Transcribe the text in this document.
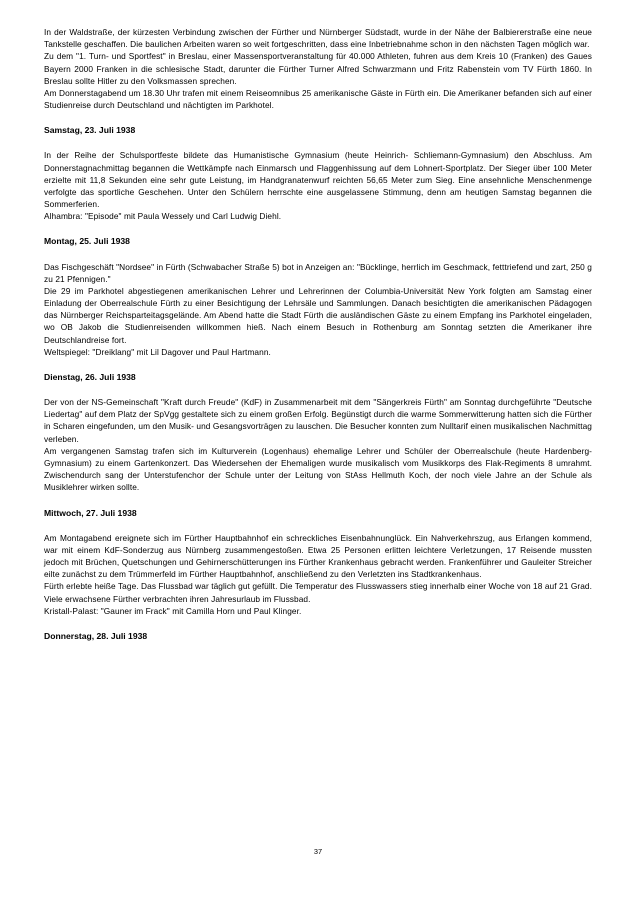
In der Waldstraße, der kürzesten Verbindung zwischen der Fürther und Nürnberger Südstadt, wurde in der Nähe der Balbiererstraße eine neue Tankstelle geschaffen. Die baulichen Arbeiten waren so weit fortgeschritten, dass eine Inbetriebnahme schon in den nächsten Tagen möglich war.

Zu dem "1. Turn- und Sportfest" in Breslau, einer Massensportveranstaltung für 40.000 Athleten, fuhren aus dem Kreis 10 (Franken) des Gaues Bayern 2000 Franken in die schlesische Stadt, darunter die Fürther Turner Alfred Schwarzmann und Fritz Rabenstein vom TV Fürth 1860. In Breslau sollte Hitler zu den Volksmassen sprechen.

Am Donnerstagabend um 18.30 Uhr trafen mit einem Reiseomnibus 25 amerikanische Gäste in Fürth ein. Die Amerikaner befanden sich auf einer Studienreise durch Deutschland und nächtigten im Parkhotel.

Samstag, 23. Juli 1938

In der Reihe der Schulsportfeste bildete das Humanistische Gymnasium (heute Heinrich- Schliemann-Gymnasium) den Abschluss. Am Donnerstagnachmittag begannen die Wettkämpfe nach Einmarsch und Flaggenhissung auf dem Lohnert-Sportplatz. Der Sieger über 100 Meter erzielte mit 11,8 Sekunden eine sehr gute Leistung, im Handgranatenwurf reichten 56,65 Meter zum Sieg. Eine ansehnliche Menschenmenge verfolgte das sportliche Geschehen. Unter den Schülern herrschte eine ausgelassene Stimmung, denn am heutigen Samstag begannen die Sommerferien.

Alhambra: "Episode" mit Paula Wessely und Carl Ludwig Diehl.

Montag, 25. Juli 1938

Das Fischgeschäft "Nordsee" in Fürth (Schwabacher Straße 5) bot in Anzeigen an: "Bücklinge, herrlich im Geschmack, fetttriefend und zart, 250 g zu 21 Pfennigen."

Die 29 im Parkhotel abgestiegenen amerikanischen Lehrer und Lehrerinnen der Columbia-Universität New York folgten am Samstag einer Einladung der Oberrealschule Fürth zu einer Besichtigung der Lehrsäle und Sammlungen. Danach besichtigten die amerikanischen Pädagogen das Nürnberger Reichsparteitagsgelände. Am Abend hatte die Stadt Fürth die ausländischen Gäste zu einem Empfang ins Parkhotel eingeladen, wo OB Jakob die Studienreisenden willkommen hieß. Nach einem Besuch in Rothenburg am Sonntag setzten die Amerikaner ihre Deutschlandreise fort.

Weltspiegel: "Dreiklang" mit Lil Dagover und Paul Hartmann.

Dienstag, 26. Juli 1938

Der von der NS-Gemeinschaft "Kraft durch Freude" (KdF) in Zusammenarbeit mit dem "Sängerkreis Fürth" am Sonntag durchgeführte "Deutsche Liedertag" auf dem Platz der SpVgg gestaltete sich zu einem großen Erfolg. Begünstigt durch die warme Sommerwitterung hatten sich die Fürther in Scharen eingefunden, um den Musik- und Gesangsvorträgen zu lauschen. Die Besucher konnten zum Nulltarif einen musikalischen Nachmittag verleben.

Am vergangenen Samstag trafen sich im Kulturverein (Logenhaus) ehemalige Lehrer und Schüler der Oberrealschule (heute Hardenberg-Gymnasium) zu einem Gartenkonzert. Das Wiedersehen der Ehemaligen wurde musikalisch vom Musikkorps des Flak-Regiments 8 umrahmt. Zwischendurch sang der Unterstufenchor der Schule unter der Leitung von StAss Hellmuth Koch, der noch viele Jahre an der Schule als Musiklehrer wirken sollte.

Mittwoch, 27. Juli 1938

Am Montagabend ereignete sich im Fürther Hauptbahnhof ein schreckliches Eisenbahnunglück. Ein Nahverkehrszug, aus Erlangen kommend, war mit einem KdF-Sonderzug aus Nürnberg zusammengestoßen. Etwa 25 Personen erlitten leichtere Verletzungen, 17 Reisende mussten jedoch mit Brüchen, Quetschungen und Gehirnerschütterungen ins Fürther Krankenhaus gebracht werden. Frankenführer und Gauleiter Streicher eilte zunächst zu dem Trümmerfeld im Fürther Hauptbahnhof, anschließend zu den Verletzten ins Stadtkrankenhaus.

Fürth erlebte heiße Tage. Das Flussbad war täglich gut gefüllt. Die Temperatur des Flusswassers stieg innerhalb einer Woche von 18 auf 21 Grad. Viele erwachsene Fürther verbrachten ihren Jahresurlaub im Flussbad.

Kristall-Palast: "Gauner im Frack" mit Camilla Horn und Paul Klinger.

Donnerstag, 28. Juli 1938
37
